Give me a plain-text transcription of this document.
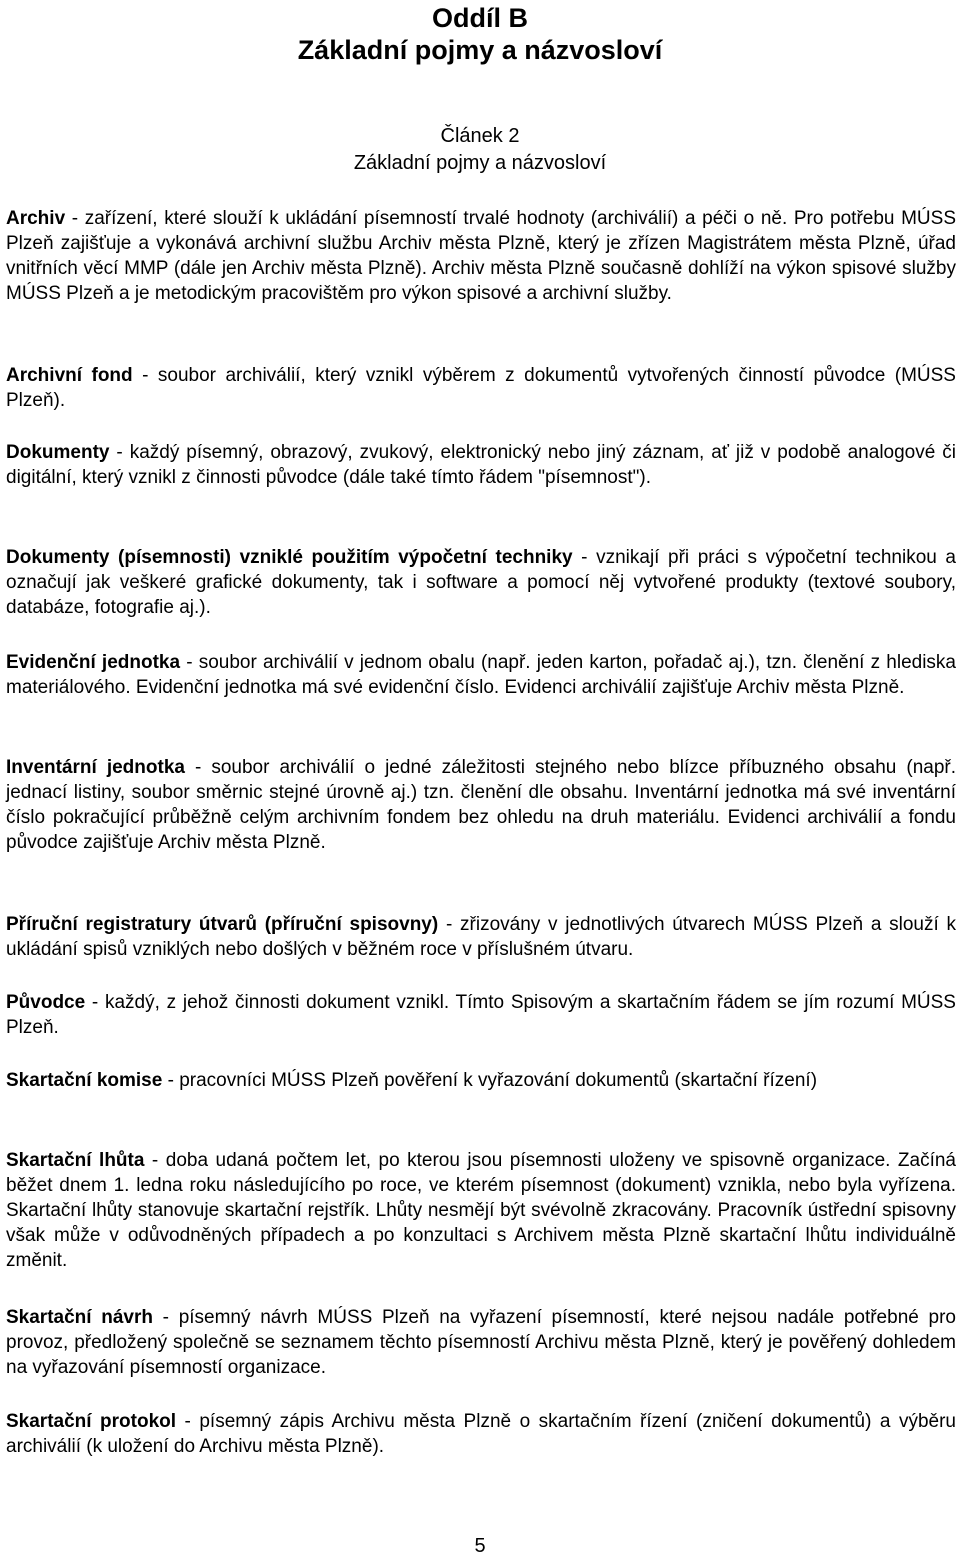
Oddíl B
Základní pojmy a názvosloví

Článek 2

Základní pojmy a názvosloví

Archiv - zařízení, které slouží k ukládání písemností trvalé hodnoty (archiválií) a péči o ně. Pro potřebu MÚSS Plzeň zajišťuje a vykonává archivní službu Archiv města Plzně, který je zřízen Magistrátem města Plzně, úřad vnitřních věcí MMP (dále jen Archiv města Plzně). Archiv města Plzně současně dohlíží na výkon spisové služby MÚSS Plzeň a je metodickým pracovištěm pro výkon spisové a archivní služby.

Archivní fond - soubor archiválií, který vznikl výběrem z dokumentů vytvořených činností původce (MÚSS Plzeň).

Dokumenty - každý písemný, obrazový, zvukový, elektronický nebo jiný záznam, ať již v podobě analogové či digitální, který vznikl z činnosti původce (dále také tímto řádem "písemnost").

Dokumenty (písemnosti) vzniklé použitím výpočetní techniky - vznikají při práci s výpočetní technikou a označují jak veškeré grafické dokumenty, tak i software a pomocí něj vytvořené produkty (textové soubory, databáze, fotografie aj.).

Evidenční jednotka - soubor archiválií v jednom obalu (např. jeden karton, pořadač aj.), tzn. členění z hlediska materiálového. Evidenční jednotka má své evidenční číslo. Evidenci archiválií zajišťuje Archiv města Plzně.

Inventární jednotka - soubor archiválií o jedné záležitosti stejného nebo blízce příbuzného obsahu (např. jednací listiny, soubor směrnic stejné úrovně aj.) tzn. členění dle obsahu. Inventární jednotka má své inventární číslo pokračující průběžně celým archivním fondem bez ohledu na druh materiálu. Evidenci archiválií a fondu původce zajišťuje Archiv města Plzně.

Příruční registratury útvarů (příruční spisovny) - zřizovány v jednotlivých útvarech MÚSS Plzeň a slouží k ukládání spisů vzniklých nebo došlých v běžném roce v příslušném útvaru.

Původce - každý, z jehož činnosti dokument vznikl. Tímto Spisovým a skartačním řádem se jím rozumí MÚSS Plzeň.

Skartační komise - pracovníci MÚSS Plzeň pověření k vyřazování dokumentů (skartační řízení)

Skartační lhůta - doba udaná počtem let, po kterou jsou písemnosti uloženy ve spisovně organizace. Začíná běžet dnem 1. ledna roku následujícího po roce, ve kterém písemnost (dokument) vznikla, nebo byla vyřízena. Skartační lhůty stanovuje skartační rejstřík. Lhůty nesmějí být svévolně zkracovány. Pracovník ústřední spisovny však může v odůvodněných případech a po konzultaci s Archivem města Plzně skartační lhůtu individuálně změnit.

Skartační návrh - písemný návrh MÚSS Plzeň na vyřazení písemností, které nejsou nadále potřebné pro provoz, předložený společně se seznamem těchto písemností Archivu města Plzně, který je pověřený dohledem na vyřazování písemností organizace.

Skartační protokol - písemný zápis Archivu města Plzně o skartačním řízení (zničení dokumentů) a výběru archiválií (k uložení do Archivu města Plzně).

5
